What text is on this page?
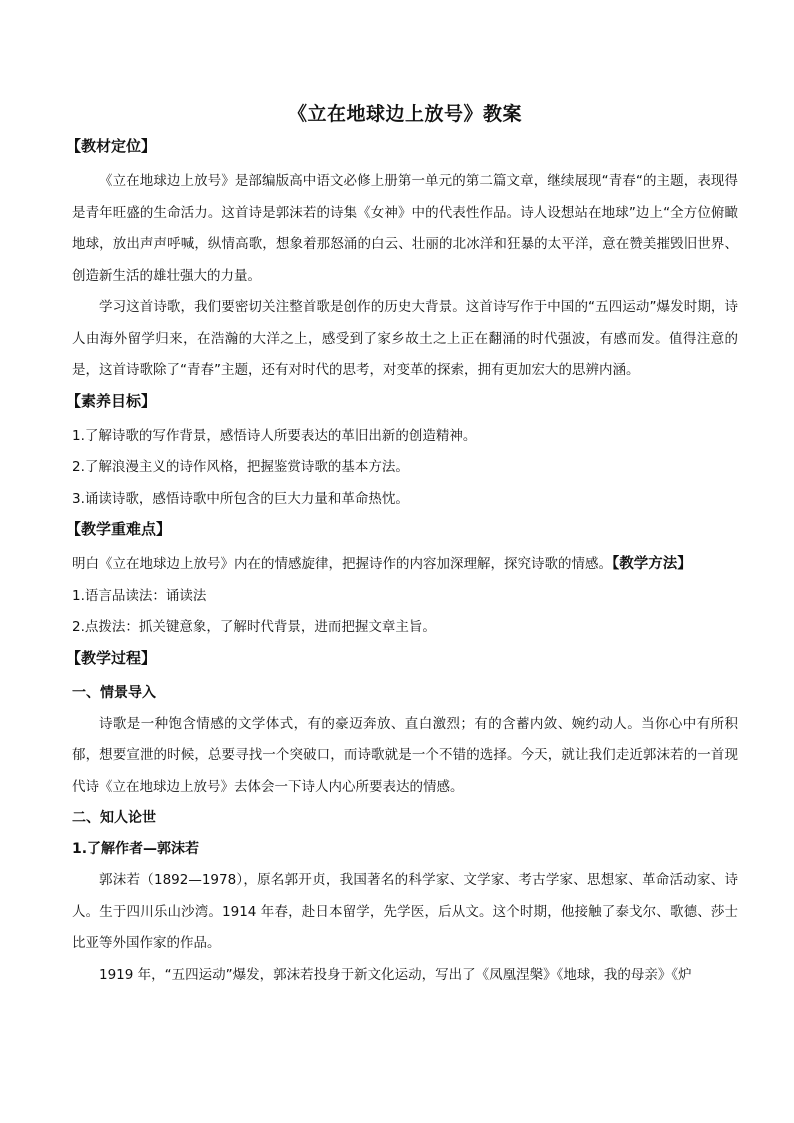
《立在地球边上放号》教案
【教材定位】

《立在地球边上放号》是部编版高中语文必修上册第一单元的第二篇文章，继续展现“青春“的主题，表现得是青年旺盛的生命活力。这首诗是郭沫若的诗集《女神》中的代表性作品。诗人设想站在地球”边上“全方位俯瞰地球，放出声声呼喊，纵情高歌，想象着那怒涌的白云、壮丽的北冰洋和狂暴的太平洋，意在赞美摧毁旧世界、创造新生活的雄壮强大的力量。

学习这首诗歌，我们要密切关注整首歌是创作的历史大背景。这首诗写作于中国的“五四运动”爆发时期，诗人由海外留学归来，在浩瀚的大洋之上，感受到了家乡故土之上正在翻涌的时代强波，有感而发。值得注意的是，这首诗歌除了“青春”主题，还有对时代的思考，对变革的探索，拥有更加宏大的思辨内涵。

【素养目标】

1.了解诗歌的写作背景，感悟诗人所要表达的革旧出新的创造精神。

2.了解浪漫主义的诗作风格，把握鉴赏诗歌的基本方法。

3.诵读诗歌，感悟诗歌中所包含的巨大力量和革命热忱。

【教学重难点】

明白《立在地球边上放号》内在的情感旋律，把握诗作的内容加深理解，探究诗歌的情感。【教学方法】

1.语言品读法：诵读法

2.点拨法：抓关键意象，了解时代背景，进而把握文章主旨。

【教学过程】
一、情景导入

诗歌是一种饱含情感的文学体式，有的豪迈奔放、直白激烈；有的含蓄内敛、婉约动人。当你心中有所积郁，想要宣泄的时候，总要寻找一个突破口，而诗歌就是一个不错的选择。今天，就让我们走近郭沫若的一首现代诗《立在地球边上放号》去体会一下诗人内心所要表达的情感。

二、知人论世
1.了解作者—郭沫若

郭沫若（1892—1978），原名郭开贞，我国著名的科学家、文学家、考古学家、思想家、革命活动家、诗人。生于四川乐山沙湾。1914 年春，赴日本留学，先学医，后从文。这个时期，他接触了泰戈尔、歌德、莎士比亚等外国作家的作品。

1919 年，“五四运动”爆发，郭沫若投身于新文化运动，写出了《凤凰涅槃》《地球，我的母亲》《炉
